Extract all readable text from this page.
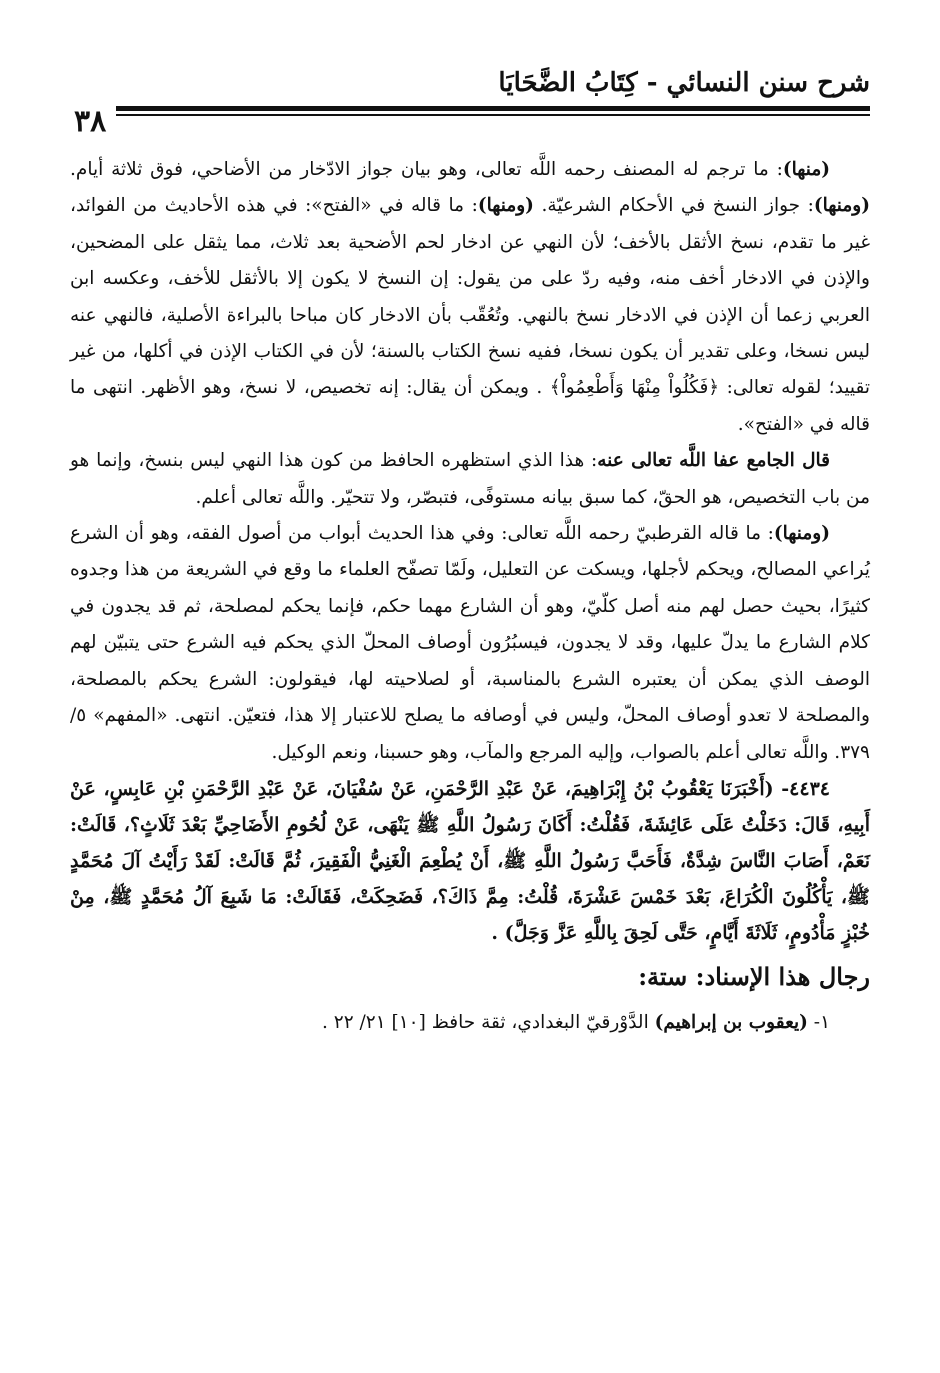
شرح سنن النسائي - كِتَابُ الضَّحَايَا
٣٨

(منها): ما ترجم له المصنف رحمه اللَّه تعالى، وهو بيان جواز الادّخار من الأضاحي، فوق ثلاثة أيام. (ومنها): جواز النسخ في الأحكام الشرعيّة. (ومنها): ما قاله في «الفتح»: في هذه الأحاديث من الفوائد، غير ما تقدم، نسخ الأثقل بالأخف؛ لأن النهي عن ادخار لحم الأضحية بعد ثلاث، مما يثقل على المضحين، والإذن في الادخار أخف منه، وفيه ردّ على من يقول: إن النسخ لا يكون إلا بالأثقل للأخف، وعكسه ابن العربي زعما أن الإذن في الادخار نسخ بالنهي. وتُعُقّب بأن الادخار كان مباحا بالبراءة الأصلية، فالنهي عنه ليس نسخا، وعلى تقدير أن يكون نسخا، ففيه نسخ الكتاب بالسنة؛ لأن في الكتاب الإذن في أكلها، من غير تقييد؛ لقوله تعالى: ﴿فَكُلُواْ مِنْهَا وَأَطْعِمُواْ﴾ . ويمكن أن يقال: إنه تخصيص، لا نسخ، وهو الأظهر. انتهى ما قاله في «الفتح».

قال الجامع عفا اللَّه تعالى عنه: هذا الذي استظهره الحافظ من كون هذا النهي ليس بنسخ، وإنما هو من باب التخصيص، هو الحقّ، كما سبق بيانه مستوفًى، فتبصّر، ولا تتحيّر. واللَّه تعالى أعلم.

(ومنها): ما قاله القرطبيّ رحمه اللَّه تعالى: وفي هذا الحديث أبواب من أصول الفقه، وهو أن الشرع يُراعي المصالح، ويحكم لأجلها، ويسكت عن التعليل، ولَمّا تصفّح العلماء ما وقع في الشريعة من هذا وجدوه كثيرًا، بحيث حصل لهم منه أصل كلّيّ، وهو أن الشارع مهما حكم، فإنما يحكم لمصلحة، ثم قد يجدون في كلام الشارع ما يدلّ عليها، وقد لا يجدون، فيسبُرُون أوصاف المحلّ الذي يحكم فيه الشرع حتى يتبيّن لهم الوصف الذي يمكن أن يعتبره الشرع بالمناسبة، أو لصلاحيته لها، فيقولون: الشرع يحكم بالمصلحة، والمصلحة لا تعدو أوصاف المحلّ، وليس في أوصافه ما يصلح للاعتبار إلا هذا، فتعيّن. انتهى. «المفهم» ٥/ ٣٧٩. واللَّه تعالى أعلم بالصواب، وإليه المرجع والمآب، وهو حسبنا، ونعم الوكيل.

٤٤٣٤- (أَخْبَرَنَا يَعْقُوبُ بْنُ إِبْرَاهِيمَ، عَنْ عَبْدِ الرَّحْمَنِ، عَنْ سُفْيَانَ، عَنْ عَبْدِ الرَّحْمَنِ بْنِ عَابِسٍ، عَنْ أَبِيهِ، قَالَ: دَخَلْتُ عَلَى عَائِشَةَ، فَقُلْتُ: أَكَانَ رَسُولُ اللَّهِ ﷺ يَنْهَى، عَنْ لُحُومِ الأَضَاحِيِّ بَعْدَ ثَلَاثٍ؟، قَالَتْ: نَعَمْ، أَصَابَ النَّاسَ شِدَّةٌ، فَأَحَبَّ رَسُولُ اللَّهِ ﷺ، أَنْ يُطْعِمَ الْغَنِيُّ الْفَقِيرَ، ثُمَّ قَالَتْ: لَقَدْ رَأَيْتُ آلَ مُحَمَّدٍ ﷺ، يَأْكُلُونَ الْكُرَاعَ، بَعْدَ خَمْسَ عَشْرَةَ، قُلْتُ: مِمَّ ذَاكَ؟، فَضَحِكَتْ، فَقَالَتْ: مَا شَبِعَ آلُ مُحَمَّدٍ ﷺ، مِنْ خُبْزٍ مَأْدُومٍ، ثَلَاثَةَ أَيَّامٍ، حَتَّى لَحِقَ بِاللَّهِ عَزَّ وَجَلَّ) .

رجال هذا الإسناد: ستة:

١- (يعقوب بن إبراهيم) الدَّوْرقيّ البغدادي، ثقة حافظ [١٠] ٢١/ ٢٢ .
